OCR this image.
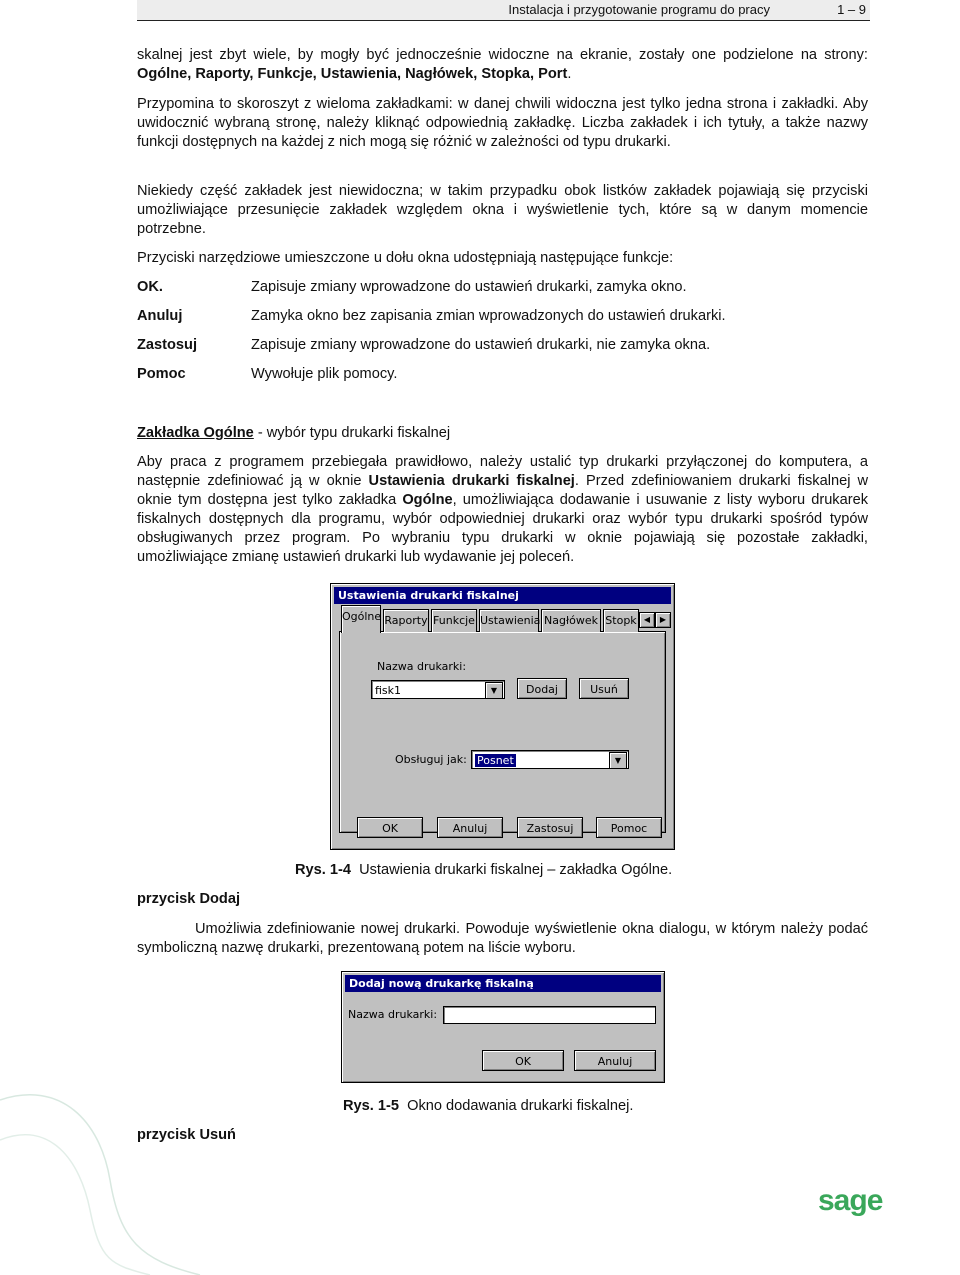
Instalacja i przygotowanie programu do pracy	1 – 9

skalnej jest zbyt wiele, by mogły być jednocześnie widoczne na ekranie, zostały one podzielone na strony: Ogólne, Raporty, Funkcje, Ustawienia, Nagłówek, Stopka, Port.

Przypomina to skoroszyt z wieloma zakładkami: w danej chwili widoczna jest tylko jedna strona i zakładki. Aby uwidocznić wybraną stronę, należy kliknąć odpowiednią zakładkę. Liczba zakładek i ich tytuły, a także nazwy funkcji dostępnych na każdej z nich mogą się różnić w zależności od typu drukarki.

Niekiedy część zakładek jest niewidoczna; w takim przypadku obok listków zakładek pojawiają się przyciski umożliwiające przesunięcie zakładek względem okna i wyświetlenie tych, które są w danym momencie potrzebne.

Przyciski narzędziowe umieszczone u dołu okna udostępniają następujące funkcje:

OK.	Zapisuje zmiany wprowadzone do ustawień drukarki, zamyka okno.
Anuluj	Zamyka okno bez zapisania zmian wprowadzonych do ustawień drukarki.
Zastosuj	Zapisuje zmiany wprowadzone do ustawień drukarki, nie zamyka okna.
Pomoc	Wywołuje plik pomocy.
Zakładka Ogólne - wybór typu drukarki fiskalnej

Aby praca z programem przebiegała prawidłowo, należy ustalić typ drukarki przyłączonej do komputera, a następnie zdefiniować ją w oknie Ustawienia drukarki fiskalnej. Przed zdefiniowaniem drukarki fiskalnej w oknie tym dostępna jest tylko zakładka Ogólne, umożliwiająca dodawanie i usuwanie z listy wyboru drukarek fiskalnych dostępnych dla programu, wybór odpowiedniej drukarki oraz wybór typu drukarki spośród typów obsługiwanych przez program. Po wybraniu typu drukarki w oknie pojawiają się pozostałe zakładki, umożliwiające zmianę ustawień drukarki lub wydawanie jej poleceń.

Ustawienia drukarki fiskalnej
Ogólne Raporty Funkcje Ustawienia Nagłówek Stopk ◀	▶
Nazwa drukarki:
fisk1	▼	Dodaj	Usuń
Obsługuj jak: Posnet	▼
OK	Anuluj	Zastosuj	Pomoc
Rys. 1-4 Ustawienia drukarki fiskalnej – zakładka Ogólne.
przycisk Dodaj

Umożliwia zdefiniowanie nowej drukarki. Powoduje wyświetlenie okna dialogu, w którym należy podać symboliczną nazwę drukarki, prezentowaną potem na liście wyboru.

Dodaj nową drukarkę fiskalną
Nazwa drukarki:
OK	Anuluj
Rys. 1-5 Okno dodawania drukarki fiskalnej.
przycisk Usuń
sage
